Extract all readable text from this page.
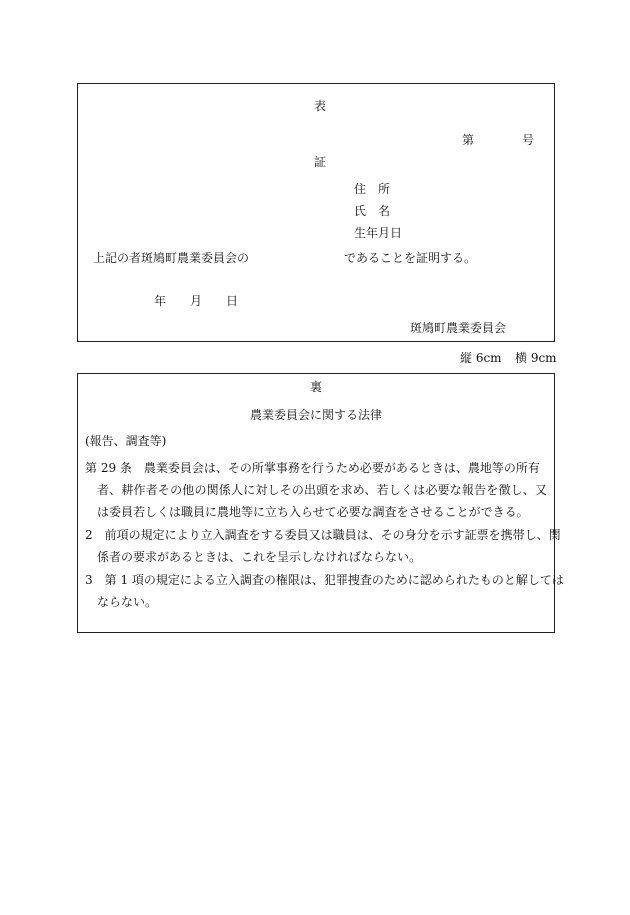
表
第	号
証
住　所
氏　名
生年月日
上記の者斑鳩町農業委員会の	であることを証明する。
年 月 日
斑鳩町農業委員会
縦 6cm 横 9cm
裏
農業委員会に関する法律
(報告、調査等)
第 29 条　農業委員会は、その所掌事務を行うため必要があるときは、農地等の所有
者、耕作者その他の関係人に対しその出頭を求め、若しくは必要な報告を徴し、又は委員若しくは職員に農地等に立ち入らせて必要な調査をさせることができる。
2　前項の規定により立入調査をする委員又は職員は、その身分を示す証票を携帯し、関
係者の要求があるときは、これを呈示しなければならない。
3　第 1 項の規定による立入調査の権限は、犯罪捜査のために認められたものと解しては
ならない。
